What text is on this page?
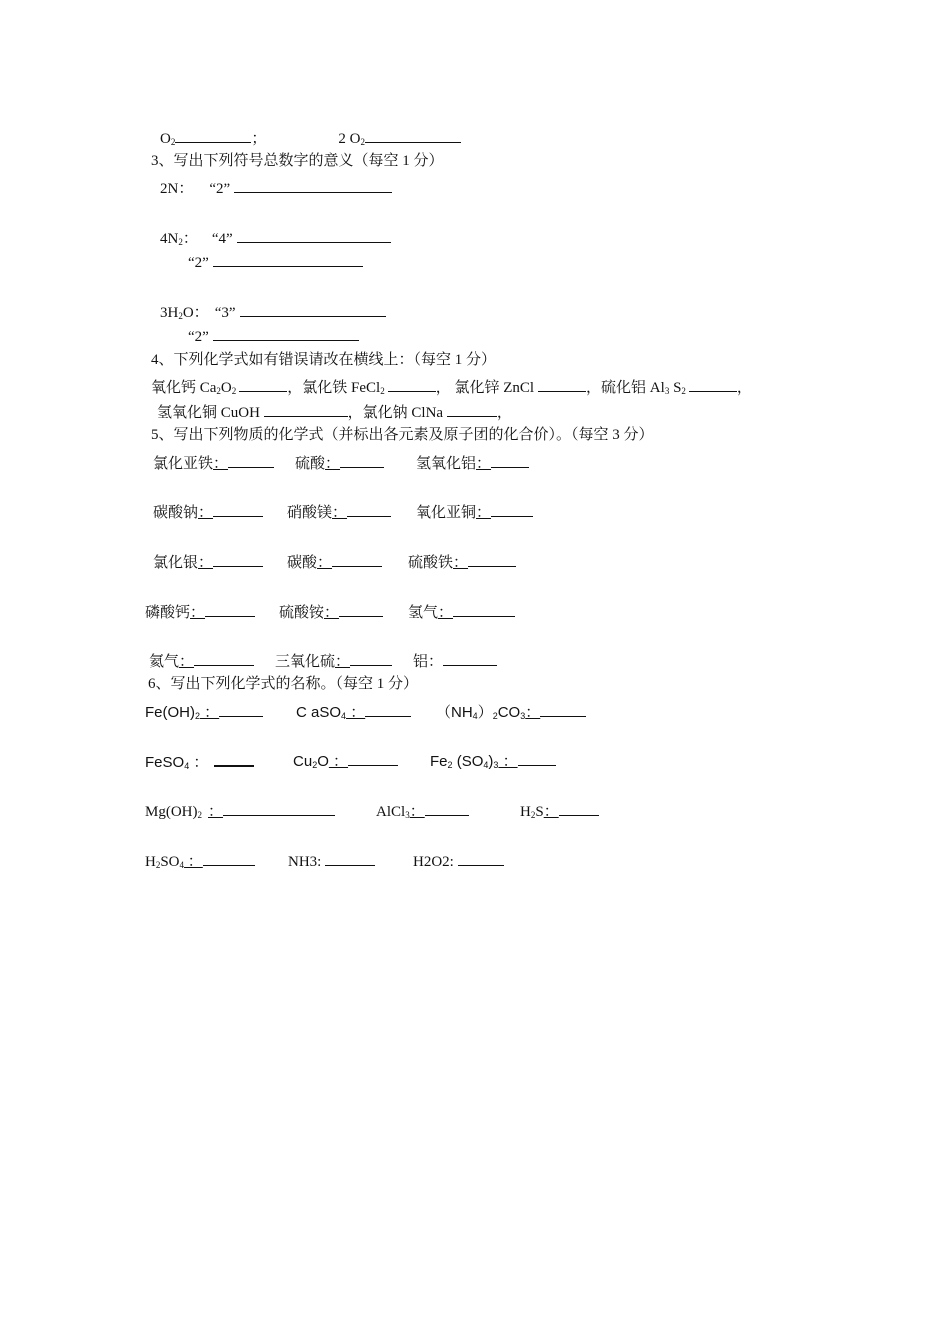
$O_2$	；	2 $O_2$
3、写出下列符号总数字的意义（每空 1 分）
2N： “2”
$4N_2$： “4”
“2”
$3H_2O$： “3”
“2”
4、下列化学式如有错误请改在横线上：（每空 1 分）
氧化钙 $Ca_2O_2$	，氯化铁 FeCl$_2$	， 氯化锌 ZnCl	，硫化铝 $Al_3$ $S_2$	，
氢氧化铜 CuOH	，氯化钠 ClNa	，
5、写出下列物质的化学式（并标出各元素及原子团的化合价）。（每空 3 分）
氯化亚铁：	硫酸：	氢氧化铝：
碳酸钠：	硝酸镁：	氧化亚铜：
氯化银：	碳酸：	硫酸铁：
磷酸钙：	硫酸铵：	氢气：
氦气：	三氧化硫：	铝：
6、写出下列化学式的名称。（每空 1 分）
$Fe(OH)_2$ ：	C aSO$_4$ ：	$(NH_4)_2CO_3$：
FeSO$_4$ ：	$Cu_2O$ ：	$Fe_2$ $(SO_4)_3$ ：
$Mg(OH)_2$ ：	AlCl$_3$：	$H_2S$：
$H_2SO_4$ ：	NH3:	H2O2:
